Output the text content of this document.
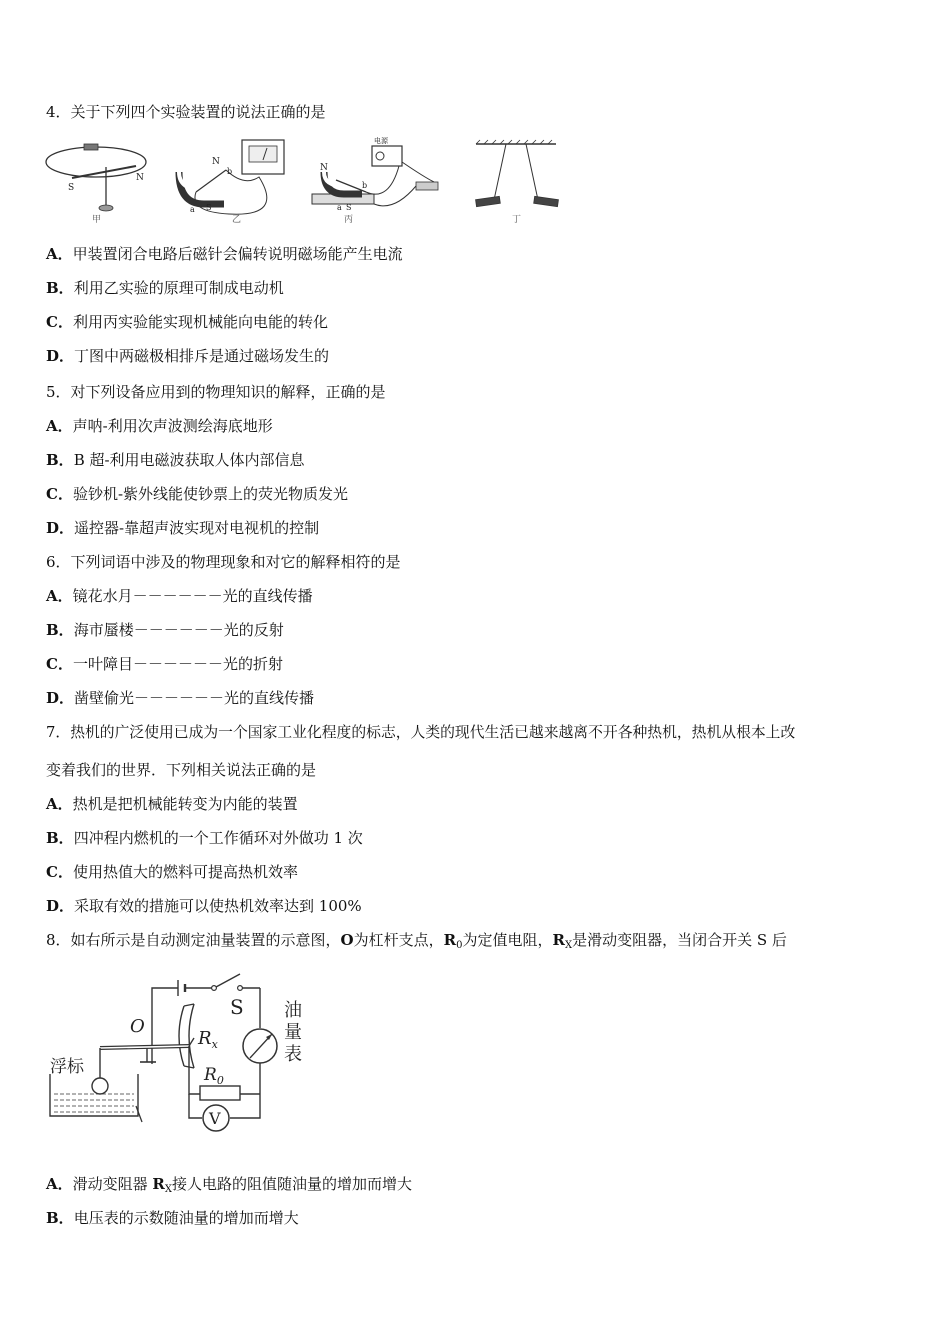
4．关于下列四个实验装置的说法正确的是
S
N
甲
N
S
a
b
乙
电源
N
S
a
b
丙	丁
A．甲装置闭合电路后磁针会偏转说明磁场能产生电流
B．利用乙实验的原理可制成电动机
C．利用丙实验能实现机械能向电能的转化
D．丁图中两磁极相排斥是通过磁场发生的
5．对下列设备应用到的物理知识的解释，正确的是
A．声呐-利用次声波测绘海底地形
B．B 超-利用电磁波获取人体内部信息
C．验钞机-紫外线能使钞票上的荧光物质发光
D．遥控器-靠超声波实现对电视机的控制
6．下列词语中涉及的物理现象和对它的解释相符的是
A．镜花水月－－－－－－光的直线传播
B．海市蜃楼－－－－－－光的反射
C．一叶障目－－－－－－光的折射
D．凿壁偷光－－－－－－光的直线传播
7．热机的广泛使用已成为一个国家工业化程度的标志，人类的现代生活已越来越离不开各种热机，热机从根本上改
变着我们的世界．下列相关说法正确的是
A．热机是把机械能转变为内能的装置
B．四冲程内燃机的一个工作循环对外做功 1 次
C．使用热值大的燃料可提高热机效率
D．采取有效的措施可以使热机效率达到 100%
8．如右所示是自动测定油量装置的示意图，O为杠杆支点，$R_0$为定值电阻，$R_X$是滑动变阻器，当闭合开关 S 后
S 油
量
表
$R_x$
O
浮标	$R_0$
V
A．滑动变阻器 $R_X$接人电路的阻值随油量的增加而增大
B．电压表的示数随油量的增加而增大
